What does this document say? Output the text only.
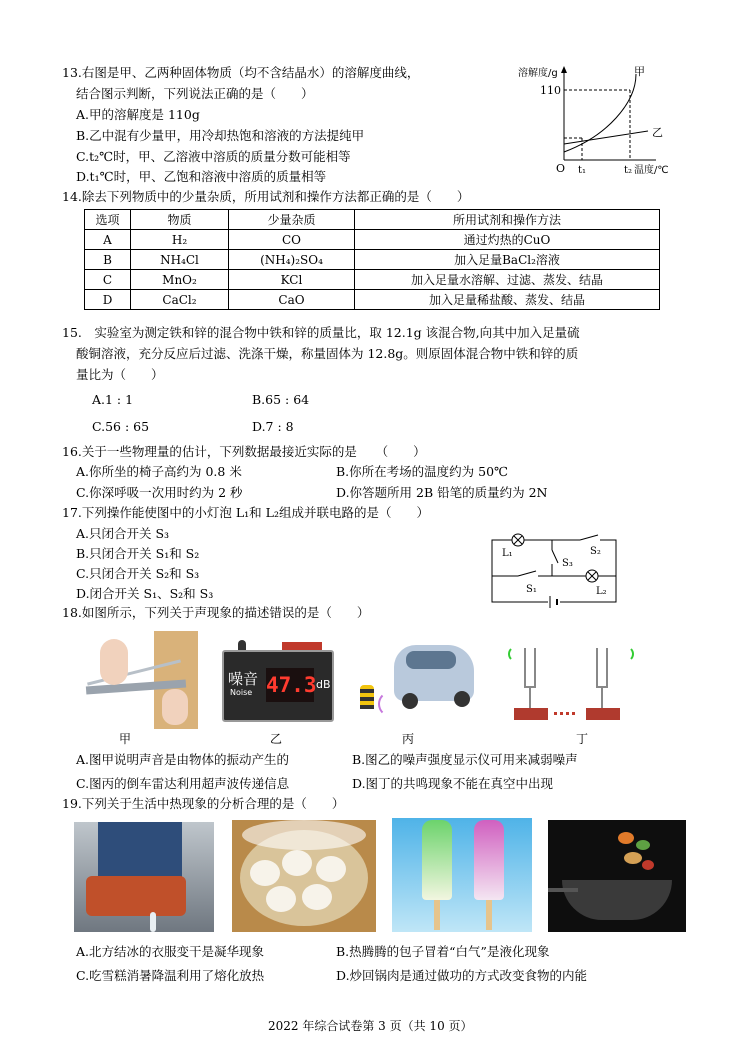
13.右图是甲、乙两种固体物质（均不含结晶水）的溶解度曲线，
结合图示判断，下列说法正确的是（　　）
A.甲的溶解度是 110g
B.乙中混有少量甲，用冷却热饱和溶液的方法提纯甲
C.t₂℃时，甲、乙溶液中溶质的质量分数可能相等
D.t₁℃时，甲、乙饱和溶液中溶质的质量相等
溶解度/g
110
O t₁	t₂ 温度/℃
甲
乙
14.除去下列物质中的少量杂质，所用试剂和操作方法都正确的是（　　）
选项	物质	少量杂质	所用试剂和操作方法
A	H₂	CO	通过灼热的CuO
B	NH₄Cl	(NH₄)₂SO₄	加入足量BaCl₂溶液
C	MnO₂	KCl	加入足量水溶解、过滤、蒸发、结晶
D	CaCl₂	CaO	加入足量稀盐酸、蒸发、结晶
15.　实验室为测定铁和锌的混合物中铁和锌的质量比，取 12.1g 该混合物,向其中加入足量硫
酸铜溶液，充分反应后过滤、洗涤干燥，称量固体为 12.8g。则原固体混合物中铁和锌的质
量比为（　　）
A.1 : 1	B.65 : 64
C.56 : 65	D.7 : 8
16.关于一些物理量的估计，下列数据最接近实际的是　　（　　）
A.你所坐的椅子高约为 0.8 米	B.你所在考场的温度约为 50℃
C.你深呼吸一次用时约为 2 秒	D.你答题所用 2B 铅笔的质量约为 2N
17.下列操作能使图中的小灯泡 L₁和 L₂组成并联电路的是（　　）
A.只闭合开关 S₃
B.只闭合开关 S₁和 S₂
C.只闭合开关 S₂和 S₃
D.闭合开关 S₁、S₂和 S₃
L₁	S₂
S₃
S₁	L₂
18.如图所示，下列关于声现象的描述错误的是（　　）
甲
噪音
Noise 47.3 dB
乙	丙	丁
A.图甲说明声音是由物体的振动产生的	B.图乙的噪声强度显示仪可用来减弱噪声
C.图丙的倒车雷达利用超声波传递信息	D.图丁的共鸣现象不能在真空中出现
19.下列关于生活中热现象的分析合理的是（　　）
A.北方结冰的衣服变干是凝华现象	B.热腾腾的包子冒着“白气”是液化现象
C.吃雪糕消暑降温利用了熔化放热	D.炒回锅肉是通过做功的方式改变食物的内能
2022 年综合试卷第 3 页（共 10 页）
